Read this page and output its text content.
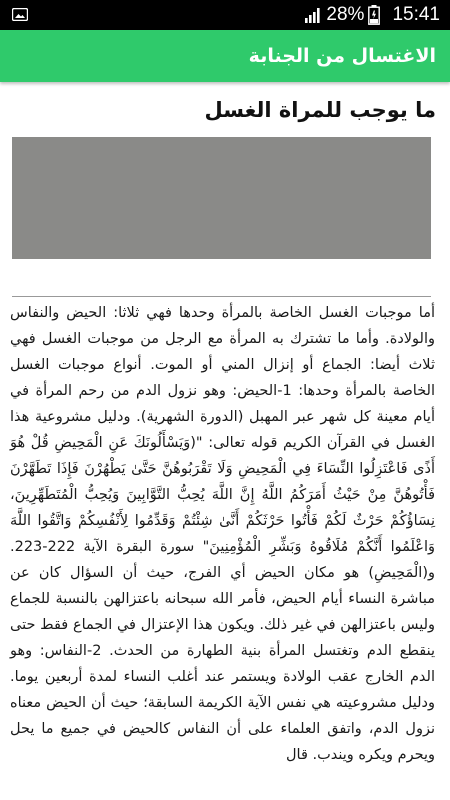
28% 15:41
الاغتسال من الجنابة
ما يوجب للمراة الغسل
أما موجبات الغسل الخاصة بالمرأة وحدها فهي ثلاثا: الحيض والنفاس والولادة. وأما ما تشترك به المرأة مع الرجل من موجبات الغسل فهي ثلاث أيضا: الجماع أو إنزال المني أو الموت. أنواع موجبات الغسل الخاصة بالمرأة وحدها: 1-الحيض: وهو نزول الدم من رحم المرأة في أيام معينة كل شهر عبر المهبل (الدورة الشهرية). ودليل مشروعية هذا الغسل في القرآن الكريم قوله تعالى: "(وَيَسْأَلُونَكَ عَنِ الْمَحِيضِ قُلْ هُوَ أَذًى فَاعْتَزِلُوا النِّسَاءَ فِي الْمَحِيضِ وَلَا تَقْرَبُوهُنَّ حَتَّىٰ يَطْهُرْنَ فَإِذَا تَطَهَّرْنَ فَأْتُوهُنَّ مِنْ حَيْثُ أَمَرَكُمُ اللَّهُ إِنَّ اللَّهَ يُحِبُّ التَّوَّابِينَ وَيُحِبُّ الْمُتَطَهِّرِينَ، نِسَاؤُكُمْ حَرْثٌ لَكُمْ فَأْتُوا حَرْثَكُمْ أَنَّىٰ شِئْتُمْ وَقَدِّمُوا لِأَنْفُسِكُمْ وَاتَّقُوا اللَّهَ وَاعْلَمُوا أَنَّكُمْ مُلَاقُوهُ وَبَشِّرِ الْمُؤْمِنِينَ" سورة البقرة الآية 222-223. و(الْمَحِيضِ) هو مكان الحيض أي الفرج، حيث أن السؤال كان عن مباشرة النساء أيام الحيض، فأمر الله سبحانه باعتزالهن بالنسبة للجماع وليس باعتزالهن في غير ذلك. ويكون هذا الإعتزال في الجماع فقط حتى ينقطع الدم وتغتسل المرأة بنية الطهارة من الحدث. 2-النفاس: وهو الدم الخارج عقب الولادة ويستمر عند أغلب النساء لمدة أربعين يوما. ودليل مشروعيته هي نفس الآية الكريمة السابقة؛ حيث أن الحيض معناه نزول الدم، واتفق العلماء على أن النفاس كالحيض في جميع ما يحل ويحرم ويكره ويندب. قال
